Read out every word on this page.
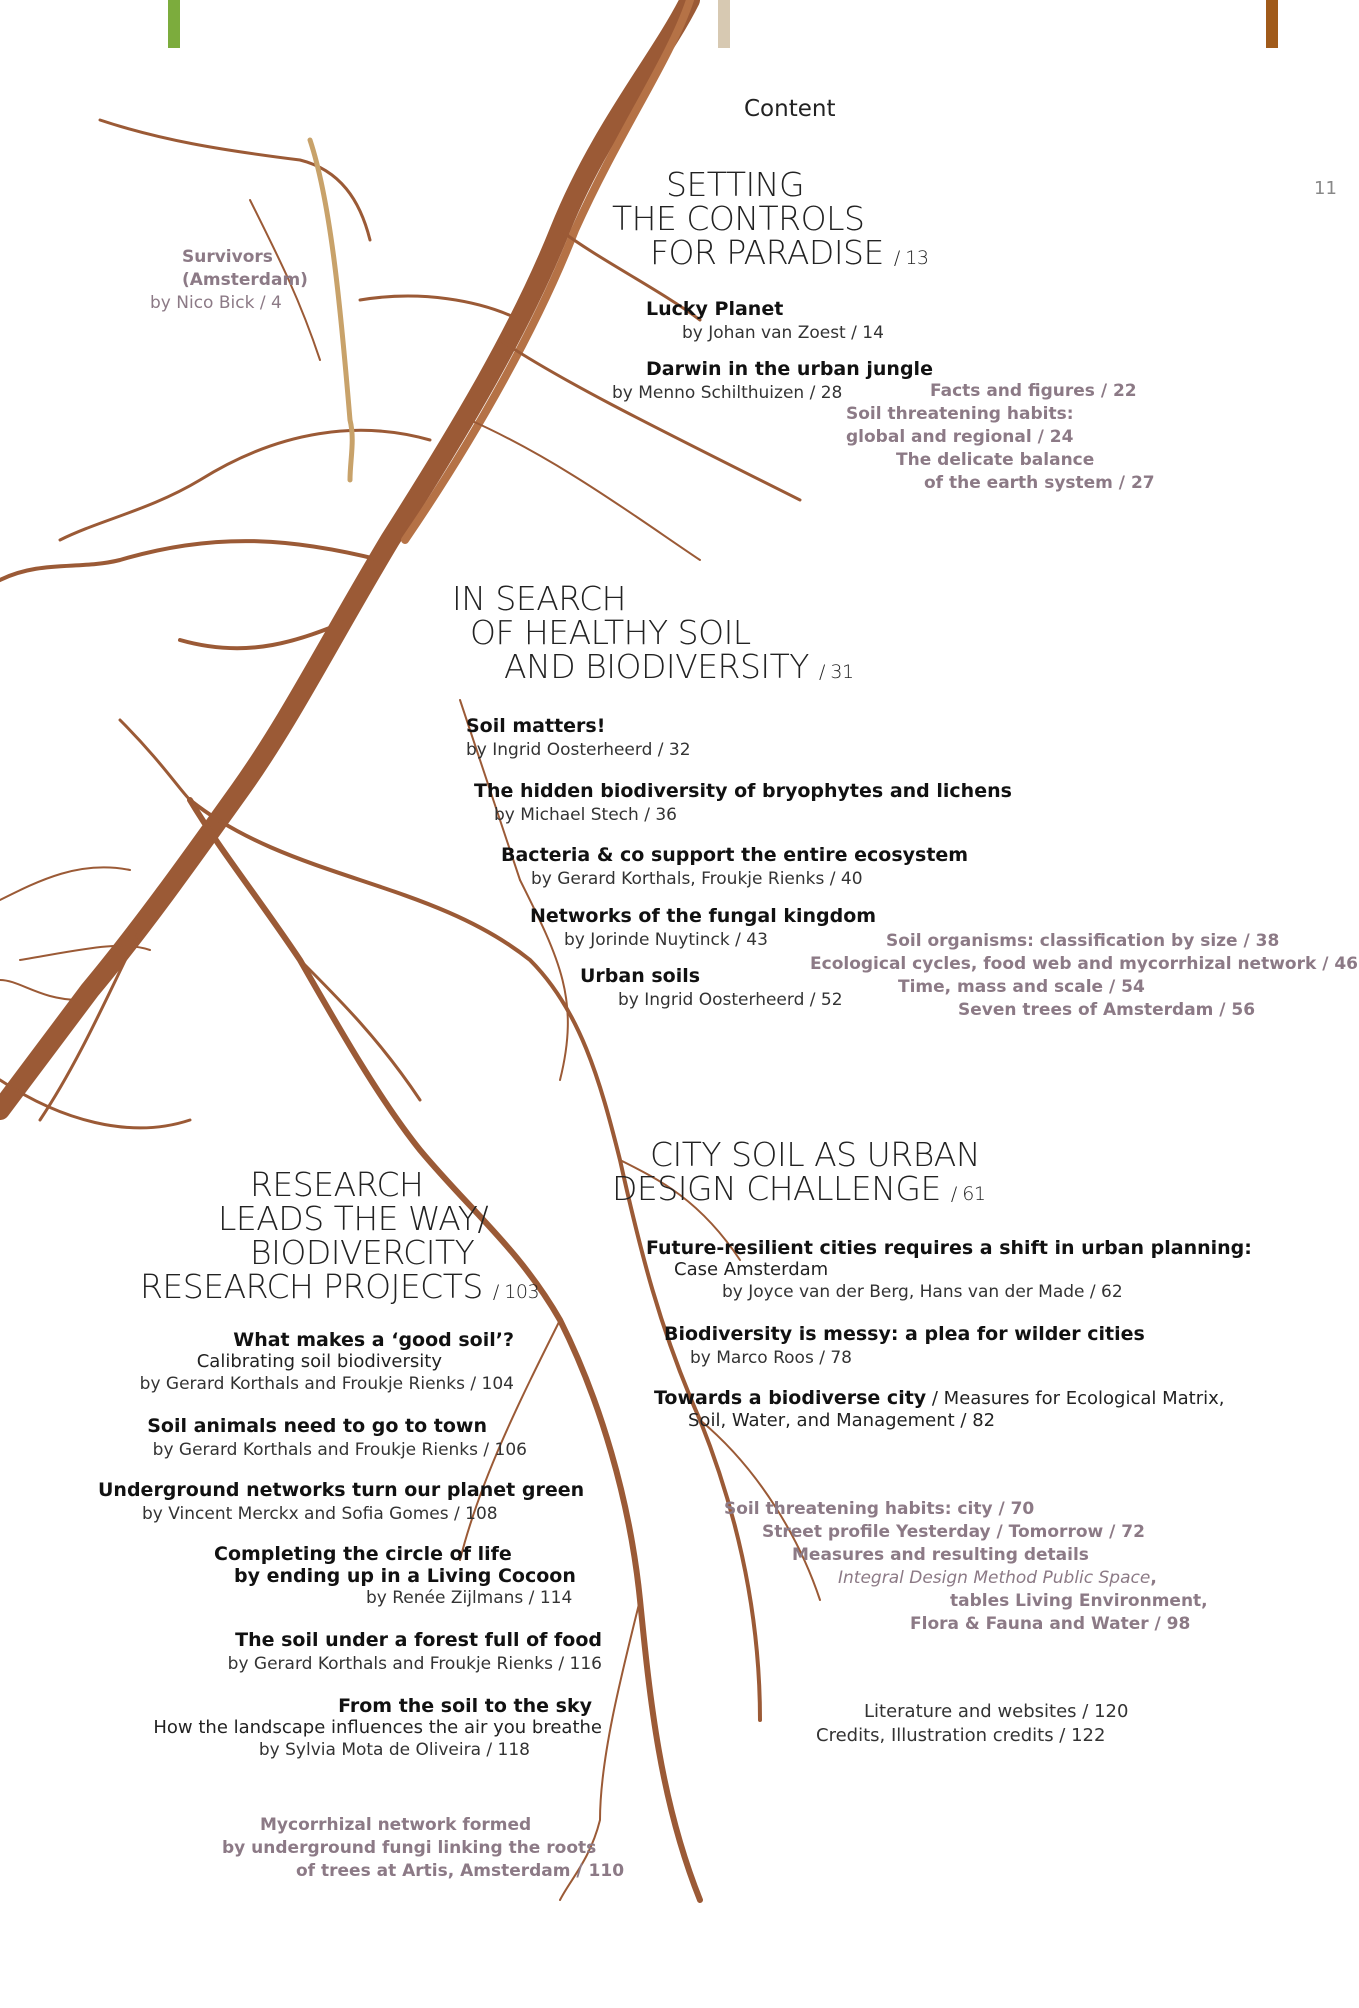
Content
11
SETTING
THE CONTROLS
FOR PARADISE / 13
Lucky Planet
by Johan van Zoest / 14
Darwin in the urban jungle
by Menno Schilthuizen / 28
Survivors
(Amsterdam)
by Nico Bick / 4
Facts and figures / 22
Soil threatening habits:
global and regional / 24
The delicate balance
of the earth system / 27
IN SEARCH
OF HEALTHY SOIL
AND BIODIVERSITY / 31
Soil matters!
by Ingrid Oosterheerd / 32
The hidden biodiversity of bryophytes and lichens
by Michael Stech / 36
Bacteria & co support the entire ecosystem
by Gerard Korthals, Froukje Rienks / 40
Networks of the fungal kingdom
by Jorinde Nuytinck / 43
Urban soils
by Ingrid Oosterheerd / 52
Soil organisms: classification by size / 38
Ecological cycles, food web and mycorrhizal network / 46
Time, mass and scale / 54
Seven trees of Amsterdam / 56
CITY SOIL AS URBAN
DESIGN CHALLENGE / 61
Future-resilient cities requires a shift in urban planning:
Case Amsterdam
by Joyce van der Berg, Hans van der Made / 62
Biodiversity is messy: a plea for wilder cities
by Marco Roos / 78
Towards a biodiverse city / Measures for Ecological Matrix,
Soil, Water, and Management / 82
Soil threatening habits: city / 70
Street profile Yesterday / Tomorrow / 72
Measures and resulting details
Integral Design Method Public Space,
tables Living Environment,
Flora & Fauna and Water / 98
Literature and websites / 120
Credits, Illustration credits / 122
RESEARCH
LEADS THE WAY/
BIODIVERCITY
RESEARCH PROJECTS / 103
What makes a ‘good soil’?
Calibrating soil biodiversity
by Gerard Korthals and Froukje Rienks / 104
Soil animals need to go to town
by Gerard Korthals and Froukje Rienks / 106
Underground networks turn our planet green
by Vincent Merckx and Sofia Gomes / 108
Completing the circle of life
by ending up in a Living Cocoon
by Renée Zijlmans / 114
The soil under a forest full of food
by Gerard Korthals and Froukje Rienks / 116
From the soil to the sky
How the landscape influences the air you breathe
by Sylvia Mota de Oliveira / 118
Mycorrhizal network formed
by underground fungi linking the roots
of trees at Artis, Amsterdam / 110
